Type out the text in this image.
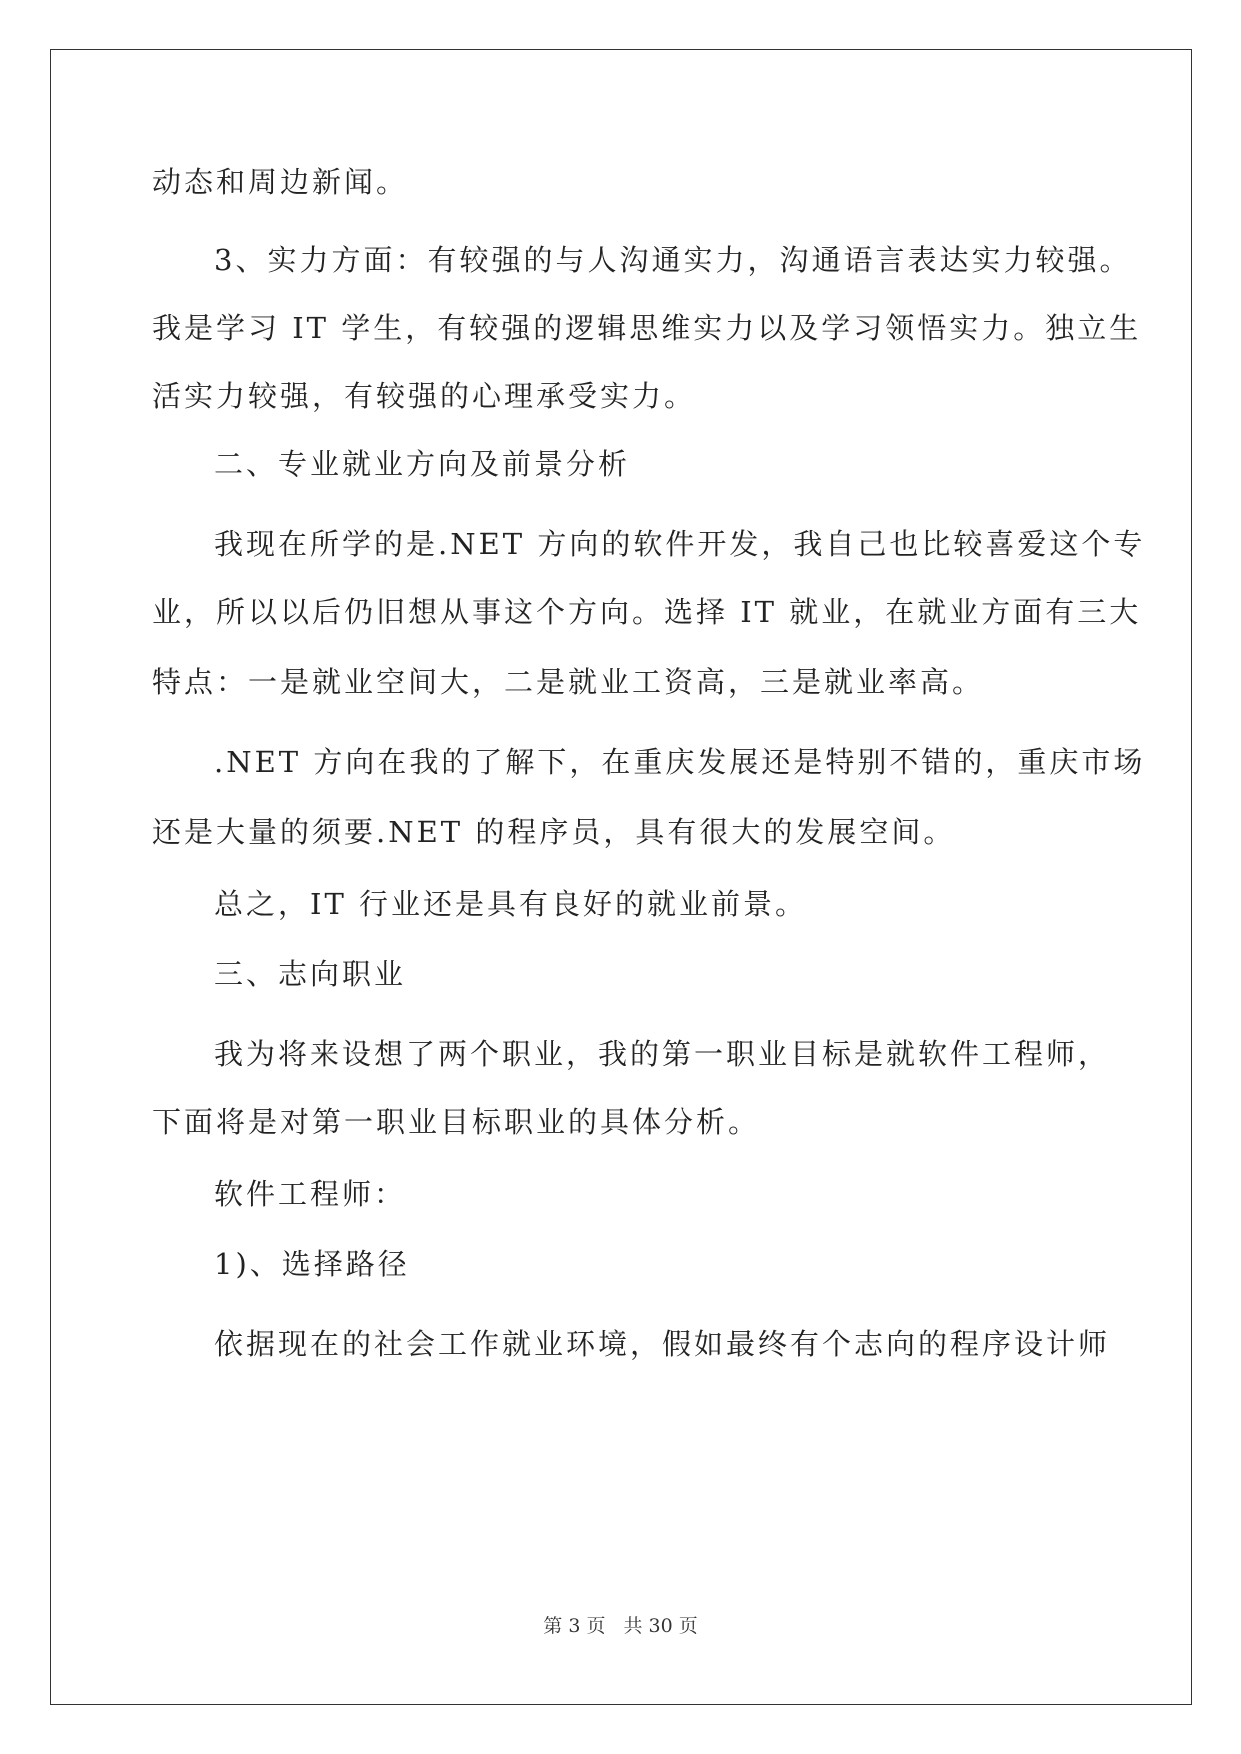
动态和周边新闻。
3、实力方面：有较强的与人沟通实力，沟通语言表达实力较强。
我是学习 IT 学生，有较强的逻辑思维实力以及学习领悟实力。独立生
活实力较强，有较强的心理承受实力。
二、专业就业方向及前景分析
我现在所学的是.NET 方向的软件开发，我自己也比较喜爱这个专
业，所以以后仍旧想从事这个方向。选择 IT 就业，在就业方面有三大
特点：一是就业空间大，二是就业工资高，三是就业率高。
.NET 方向在我的了解下，在重庆发展还是特别不错的，重庆市场
还是大量的须要.NET 的程序员，具有很大的发展空间。
总之，IT 行业还是具有良好的就业前景。
三、志向职业
我为将来设想了两个职业，我的第一职业目标是就软件工程师，
下面将是对第一职业目标职业的具体分析。
软件工程师：
1)、选择路径
依据现在的社会工作就业环境，假如最终有个志向的程序设计师
第 3 页 共 30 页
